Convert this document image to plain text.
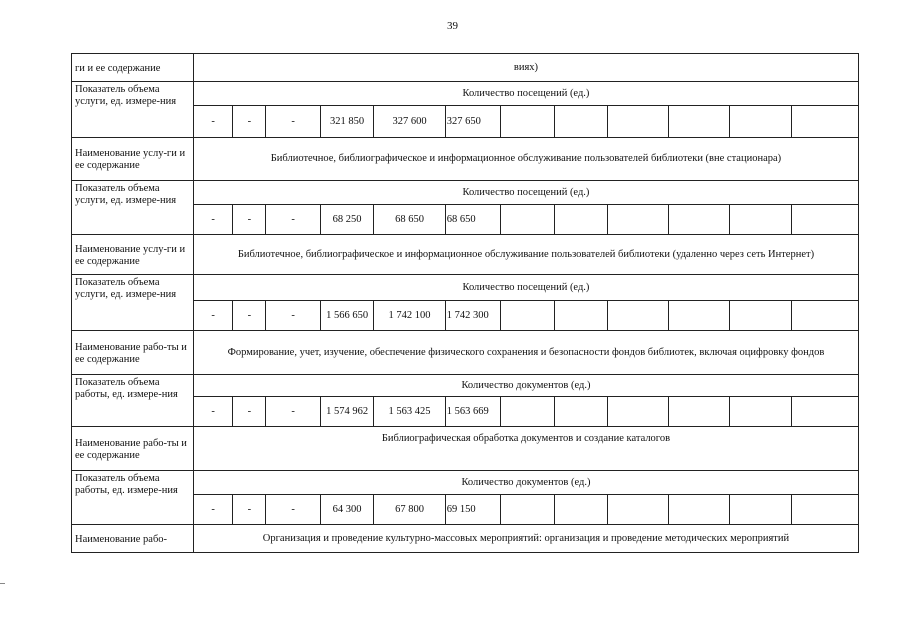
39
ги и ее содержание	виях)											
Показатель объема услуги, ед. измере-ния	Количество посещений (ед.)											
	-	-	-	321 850	327 600	327 650						
Наименование услу-ги и ее содержание	Библиотечное, библиографическое и информационное обслуживание пользователей библиотеки (вне стационара)											
Показатель объема услуги, ед. измере-ния	Количество посещений (ед.)											
	-	-	-	68 250	68 650	68 650						
Наименование услу-ги и ее содержание	Библиотечное, библиографическое и информационное обслуживание пользователей библиотеки (удаленно через сеть Интернет)											
Показатель объема услуги, ед. измере-ния	Количество посещений (ед.)											
	-	-	-	1 566 650	1 742 100	1 742 300						
Наименование рабо-ты и ее содержание	Формирование, учет, изучение, обеспечение физического сохранения и безопасности фондов библиотек, включая оцифровку фондов											
Показатель объема работы, ед. измере-ния	Количество документов (ед.)											
	-	-	-	1 574 962	1 563 425	1 563 669						
Наименование рабо-ты и ее содержание	Библиографическая обработка документов и создание каталогов											
Показатель объема работы, ед. измере-ния	Количество документов (ед.)											
	-	-	-	64 300	67 800	69 150						
Наименование рабо-	Организация и проведение культурно-массовых мероприятий: организация и проведение методических мероприятий											
